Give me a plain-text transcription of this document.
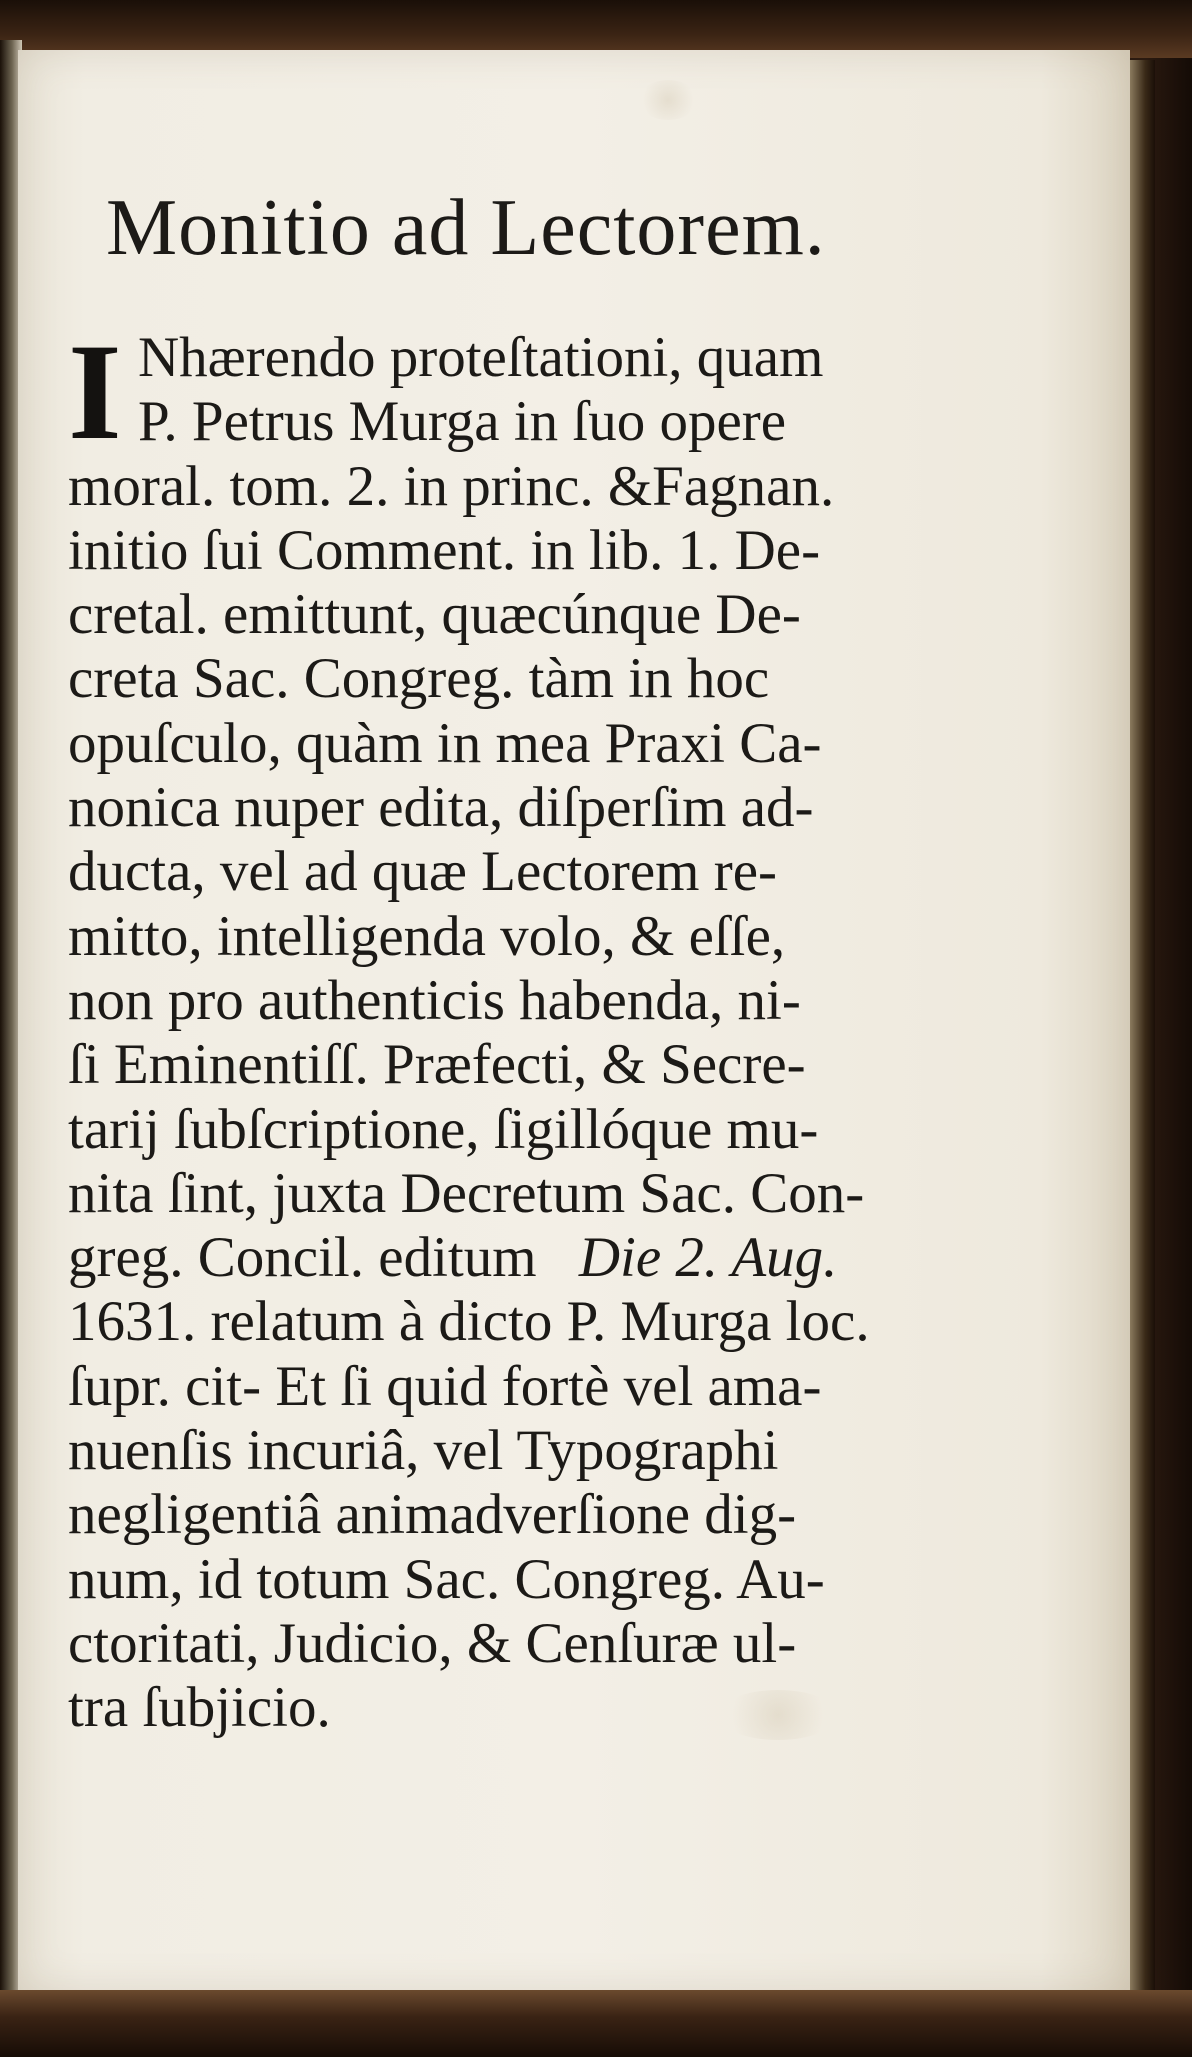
Monitio ad Lectorem.
I Nhærendo proteſtationi, quam
P. Petrus Murga in ſuo opere
moral. tom. 2. in princ. &Fagnan.
initio ſui Comment. in lib. 1. De-
cretal. emittunt, quæcúnque De-
creta Sac. Congreg. tàm in hoc
opuſculo, quàm in mea Praxi Ca-
nonica nuper edita, diſperſim ad-
ducta, vel ad quæ Lectorem re-
mitto, intelligenda volo, & eſſe,
non pro authenticis habenda, ni-
ſi Eminentiſſ. Præfecti, & Secre-
tarij ſubſcriptione, ſigillóque mu-
nita ſint, juxta Decretum Sac. Con-
greg. Concil. editum Die 2. Aug.
1631. relatum à dicto P. Murga loc.
ſupr. cit- Et ſi quid fortè vel ama-
nuenſis incuriâ, vel Typographi
negligentiâ animadverſione dig-
num, id totum Sac. Congreg. Au-
ctoritati, Judicio, & Cenſuræ ul-
tra ſubjicio.
